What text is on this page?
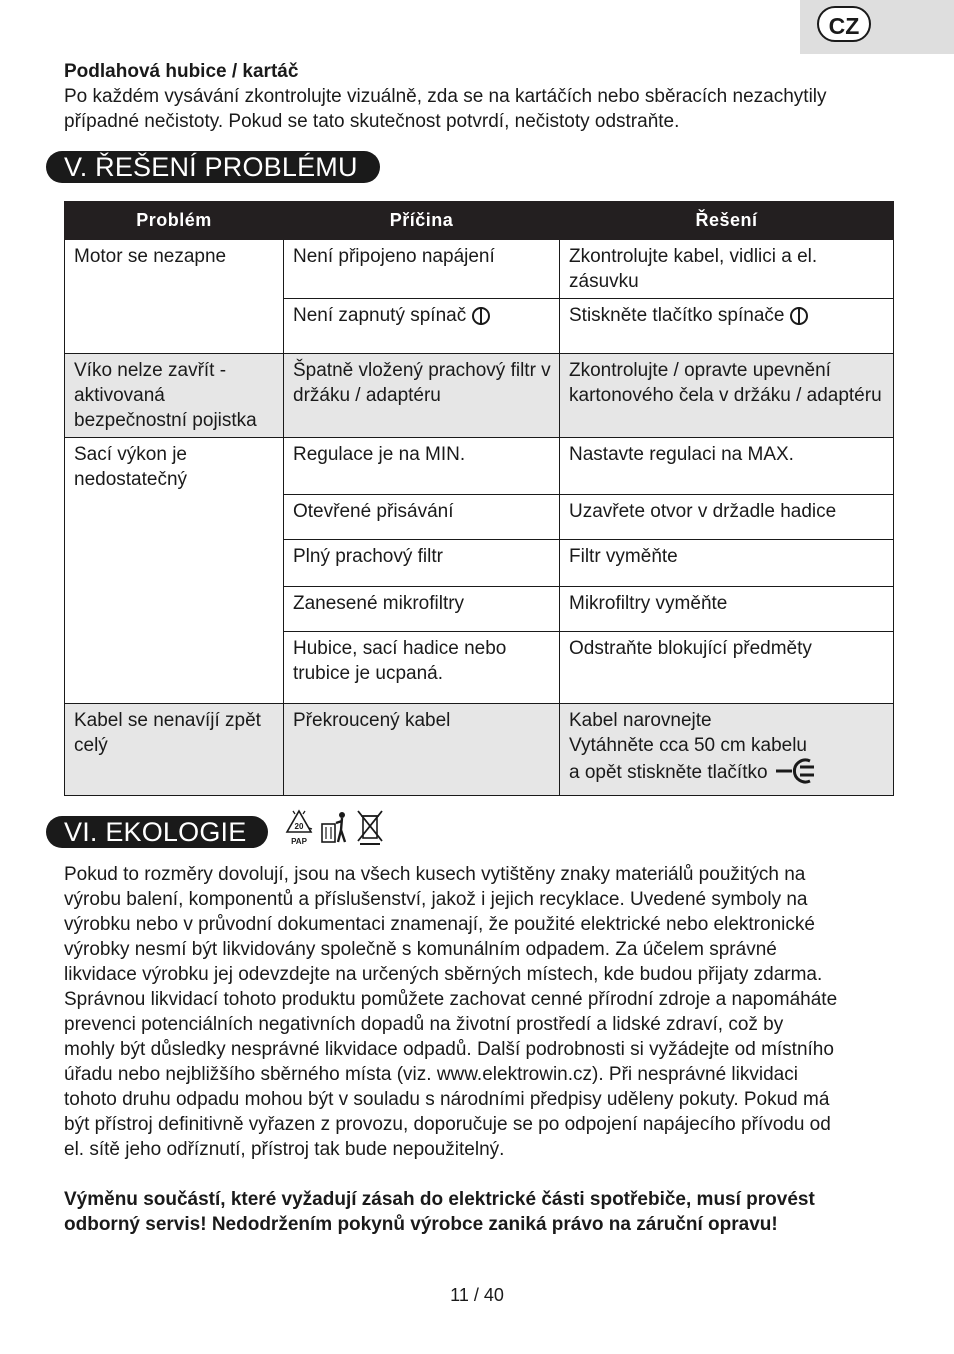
CZ
Podlahová hubice / kartáč
Po každém vysávání zkontrolujte vizuálně, zda se na kartáčích nebo sběracích nezachytily
případné nečistoty. Pokud se tato skutečnost potvrdí, nečistoty odstraňte.
V. ŘEŠENÍ PROBLÉMU
Problém	Příčina	Řešení
Motor se nezapne	Není připojeno napájení	Zkontrolujte kabel, vidlici a el. zásuvku
	Není zapnutý spínač	Stiskněte tlačítko spínače
Víko nelze zavřít - aktivovaná bezpečnostní pojistka	Špatně vložený prachový filtr v držáku / adaptéru	Zkontrolujte / opravte upevnění kartonového čela v držáku / adaptéru
Sací výkon je nedostatečný	Regulace je na MIN.	Nastavte regulaci na MAX.
	Otevřené přisávání	Uzavřete otvor v držadle hadice
	Plný prachový filtr	Filtr vyměňte
	Zanesené mikrofiltry	Mikrofiltry vyměňte
	Hubice, sací hadice nebo trubice je ucpaná.	Odstraňte blokující předměty
Kabel se nenavíjí zpět celý	Překroucený kabel	Kabel narovnejte
Vytáhněte cca 50 cm kabelu
a opět stiskněte tlačítko
VI. EKOLOGIE	20
PAP

Pokud to rozměry dovolují, jsou na všech kusech vytištěny znaky materiálů použitých na
výrobu balení, komponentů a příslušenství, jakož i jejich recyklace. Uvedené symboly na
výrobku nebo v průvodní dokumentaci znamenají, že použité elektrické nebo elektronické
výrobky nesmí být likvidovány společně s komunálním odpadem. Za účelem správné
likvidace výrobku jej odevzdejte na určených sběrných místech, kde budou přijaty zdarma.
Správnou likvidací tohoto produktu pomůžete zachovat cenné přírodní zdroje a napomáháte
prevenci potenciálních negativních dopadů na životní prostředí a lidské zdraví, což by
mohly být důsledky nesprávné likvidace odpadů. Další podrobnosti si vyžádejte od místního
úřadu nebo nejbližšího sběrného místa (viz. www.elektrowin.cz). Při nesprávné likvidaci
tohoto druhu odpadu mohou být v souladu s národními předpisy uděleny pokuty. Pokud má
být přístroj definitivně vyřazen z provozu, doporučuje se po odpojení napájecího přívodu od
el. sítě jeho odříznutí, přístroj tak bude nepoužitelný.
Výměnu součástí, které vyžadují zásah do elektrické části spotřebiče, musí provést
odborný servis! Nedodržením pokynů výrobce zaniká právo na záruční opravu!
11 / 40
